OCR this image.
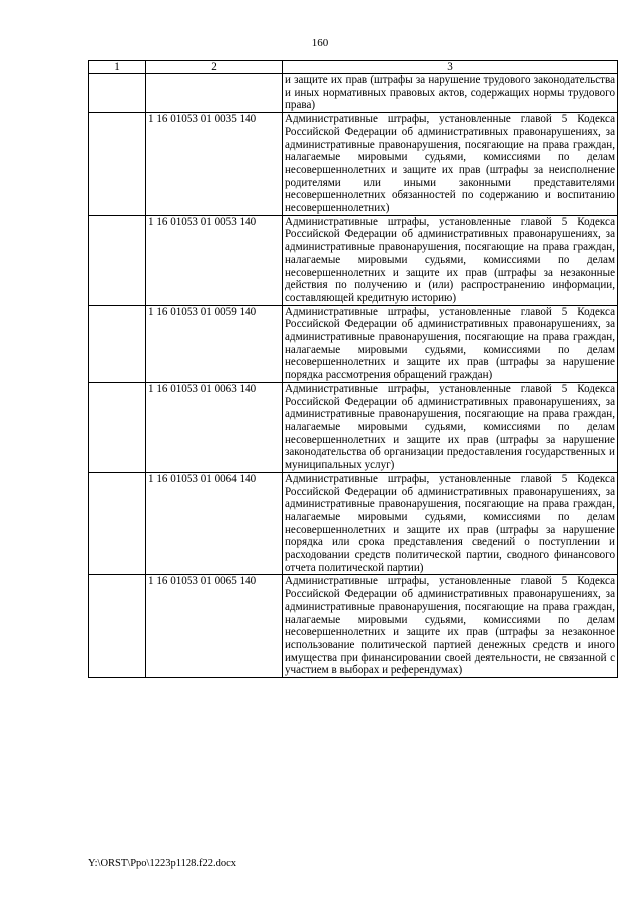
160
1	2	3
		и защите их прав (штрафы за нарушение трудового законодательства и иных нормативных правовых актов, содержащих нормы трудового права)
	1 16 01053 01 0035 140	Административные штрафы, установленные главой 5 Кодекса Российской Федерации об административных правонарушениях, за административные правонарушения, посягающие на права граждан, налагаемые мировыми судьями, комиссиями по делам несовершеннолетних и защите их прав (штрафы за неисполнение родителями или иными законными представителями несовершеннолетних обязанностей по содержанию и воспитанию несовершеннолетних)
	1 16 01053 01 0053 140	Административные штрафы, установленные главой 5 Кодекса Российской Федерации об административных правонарушениях, за административные правонарушения, посягающие на права граждан, налагаемые мировыми судьями, комиссиями по делам несовершеннолетних и защите их прав (штрафы за незаконные действия по получению и (или) распространению информации, составляющей кредитную историю)
	1 16 01053 01 0059 140	Административные штрафы, установленные главой 5 Кодекса Российской Федерации об административных правонарушениях, за административные правонарушения, посягающие на права граждан, налагаемые мировыми судьями, комиссиями по делам несовершеннолетних и защите их прав (штрафы за нарушение порядка рассмотрения обращений граждан)
	1 16 01053 01 0063 140	Административные штрафы, установленные главой 5 Кодекса Российской Федерации об административных правонарушениях, за административные правонарушения, посягающие на права граждан, налагаемые мировыми судьями, комиссиями по делам несовершеннолетних и защите их прав (штрафы за нарушение законодательства об организации предоставления государственных и муниципальных услуг)
	1 16 01053 01 0064 140	Административные штрафы, установленные главой 5 Кодекса Российской Федерации об административных правонарушениях, за административные правонарушения, посягающие на права граждан, налагаемые мировыми судьями, комиссиями по делам несовершеннолетних и защите их прав (штрафы за нарушение порядка или срока представления сведений о поступлении и расходовании средств политической партии, сводного финансового отчета политической партии)
	1 16 01053 01 0065 140	Административные штрафы, установленные главой 5 Кодекса Российской Федерации об административных правонарушениях, за административные правонарушения, посягающие на права граждан, налагаемые мировыми судьями, комиссиями по делам несовершеннолетних и защите их прав (штрафы за незаконное использование политической партией денежных средств и иного имущества при финансировании своей деятельности, не связанной с участием в выборах и референдумах)
Y:\ORST\Ppo\1223p1128.f22.docx
